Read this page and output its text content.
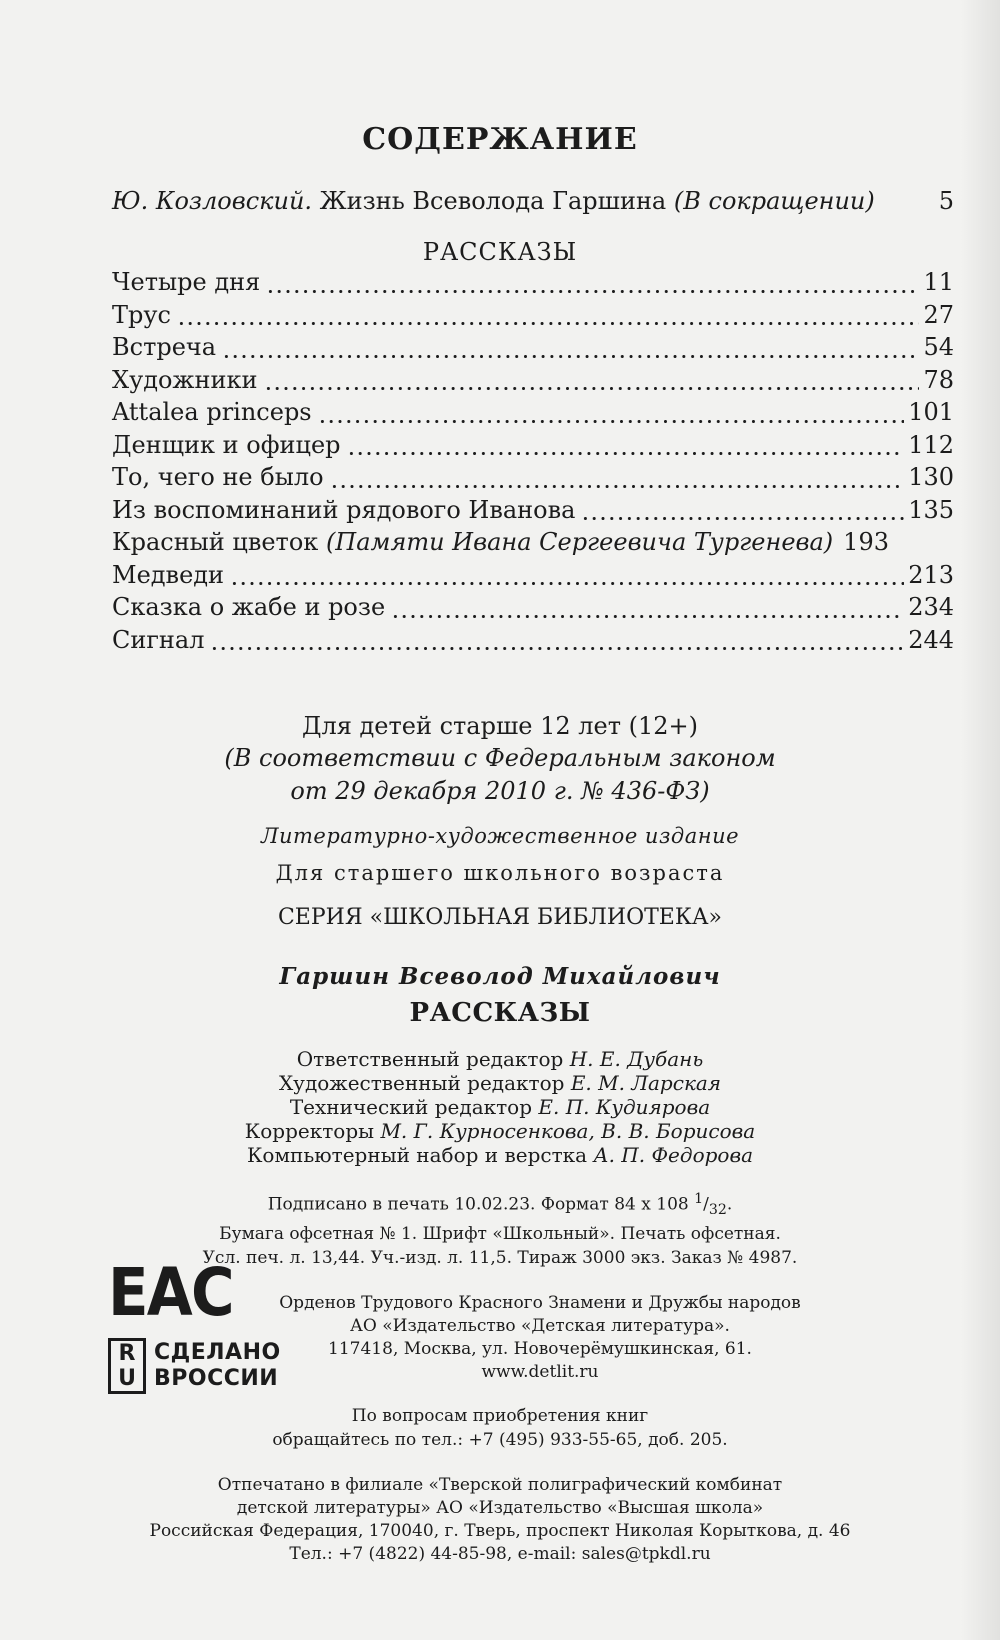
СОДЕРЖАНИЕ
Ю. Козловский.
Жизнь Всеволода Гаршина
(В сокращении)	5
РАССКАЗЫ
Четыре дня	11
Трус	27
Встреча	54
Художники	78
Attalea princeps	101
Денщик и офицер	112
То, чего не было	130
Из воспоминаний рядового Иванова	135
Красный цветок (Памяти Ивана Сергеевича Тургенева) 193
Медведи	213
Сказка о жабе и розе	234
Сигнал	244
Для детей старше 12 лет (12+)
(В соответствии с Федеральным законом
от 29 декабря 2010 г. № 436-ФЗ)
Литературно-художественное издание
Для старшего школьного возраста
СЕРИЯ «ШКОЛЬНАЯ БИБЛИОТЕКА»
Гаршин Всеволод Михайлович
РАССКАЗЫ
Ответственный редактор Н. Е. Дубань
Художественный редактор Е. М. Ларская
Технический редактор Е. П. Кудиярова
Корректоры М. Г. Курносенкова, В. В. Борисова
Компьютерный набор и верстка А. П. Федорова
Подписано в печать 10.02.23. Формат 84 x 108 $^1/_{32}$.
Бумага офсетная № 1. Шрифт «Школьный». Печать офсетная.
Усл. печ. л. 13,44. Уч.-изд. л. 11,5. Тираж 3000 экз. Заказ № 4987.
ЕАС
R
U
СДЕЛАНО
ВРОССИИ
Орденов Трудового Красного Знамени и Дружбы народов
АО «Издательство «Детская литература».
117418, Москва, ул. Новочерёмушкинская, 61.
www.detlit.ru
По вопросам приобретения книг
обращайтесь по тел.: +7 (495) 933-55-65, доб. 205.
Отпечатано в филиале «Тверской полиграфический комбинат
детской литературы» АО «Издательство «Высшая школа»
Российская Федерация, 170040, г. Тверь, проспект Николая Корыткова, д. 46
Тел.: +7 (4822) 44-85-98, e-mail: sales@tpkdl.ru
